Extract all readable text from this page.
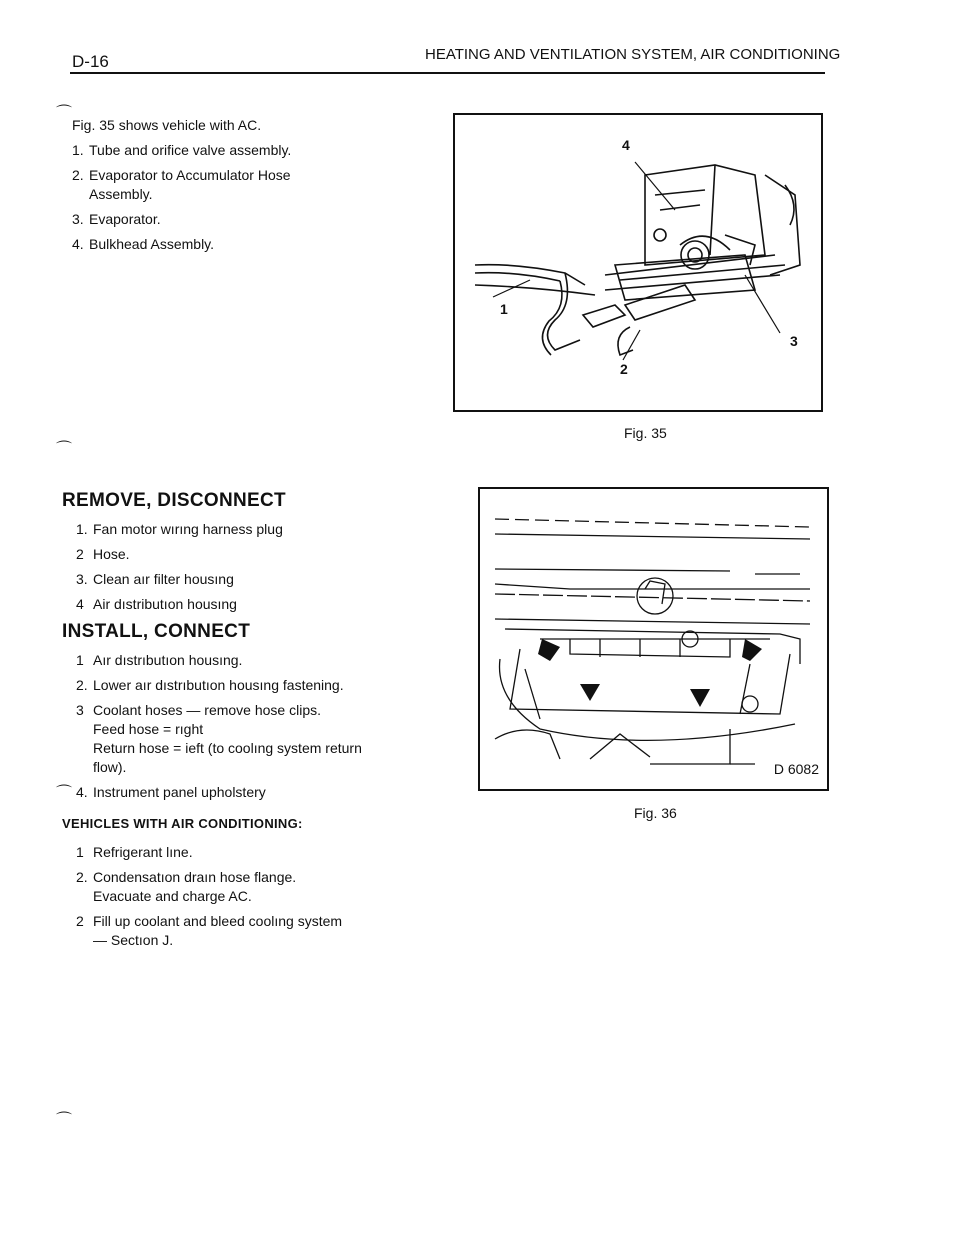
D-16	HEATING AND VENTILATION SYSTEM, AIR CONDITIONING
⌒
⌒
⌒
⌒

Fig. 35 shows vehicle with AC.

1. Tube and orifice valve assembly.
2. Evaporator to Accumulator Hose Assembly.
3. Evaporator.
4. Bulkhead Assembly.
4
1
3
2
Fig. 35
D 6082
Fig. 36
REMOVE, DISCONNECT
1. Fan motor wırıng harness plug
2 Hose.
3. Clean aır filter housıng
4 Air dıstributıon housıng
INSTALL, CONNECT
1 Aır dıstrıbutıon housıng.
2. Lower aır dıstrıbutıon housıng fastening.
3 Coolant hoses — remove hose clips.
Feed hose = rıght
Return hose = ieft (to coolıng system return flow).
4. Instrument panel upholstery
VEHICLES WITH AIR CONDITIONING:
1 Refrigerant lıne.
2. Condensatıon draın hose flange.
Evacuate and charge AC.
2 Fill up coolant and bleed coolıng system
— Sectıon J.
